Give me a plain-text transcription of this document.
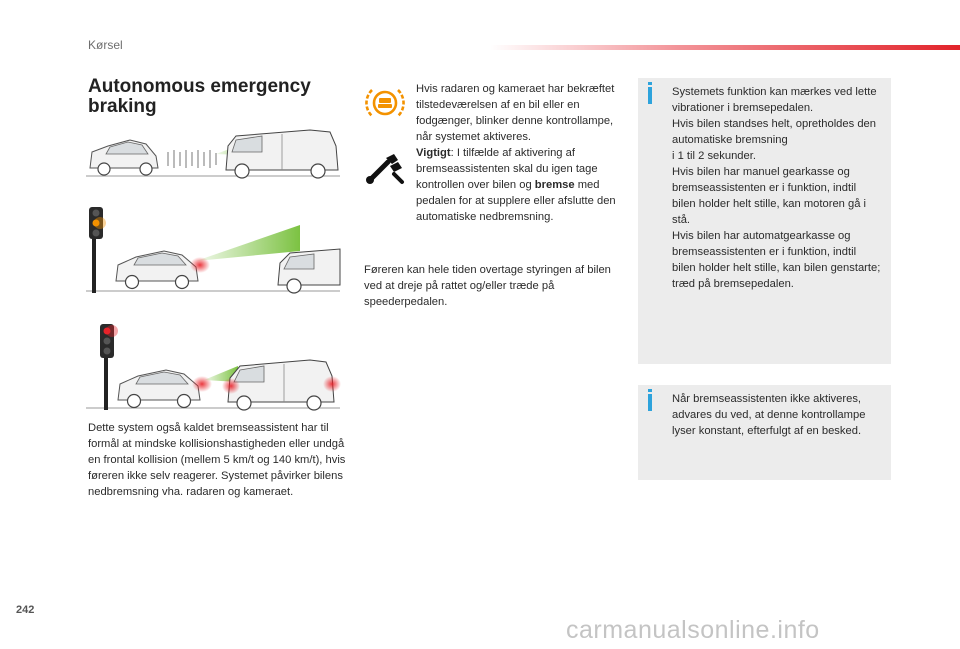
Kørsel
Autonomous emergency braking

Dette system også kaldet bremseassistent har til formål at mindske kollisionshastigheden eller undgå en frontal kollision (mellem 5 km/t og 140 km/t), hvis føreren ikke selv reagerer. Systemet påvirker bilens nedbremsning vha. radaren og kameraet.

Hvis radaren og kameraet har bekræftet tilstedeværelsen af en bil eller en fodgænger, blinker denne kontrollampe, når systemet aktiveres.

Vigtigt: I tilfælde af aktivering af bremseassistenten skal du igen tage kontrollen over bilen og bremse med pedalen for at supplere eller afslutte den automatiske nedbremsning.

Føreren kan hele tiden overtage styringen af bilen ved at dreje på rattet og/eller træde på speederpedalen.

Systemets funktion kan mærkes ved lette vibrationer i bremsepedalen.
Hvis bilen standses helt, opretholdes den automatiske bremsning
i 1 til 2 sekunder.
Hvis bilen har manuel gearkasse og bremseassistenten er i funktion, indtil bilen holder helt stille, kan motoren gå i stå.
Hvis bilen har automatgearkasse og bremseassistenten er i funktion, indtil bilen holder helt stille, kan bilen genstarte; træd på bremsepedalen.

Når bremseassistenten ikke aktiveres, advares du ved, at denne kontrollampe lyser konstant, efterfulgt af en besked.

242
carmanualsonline.info
